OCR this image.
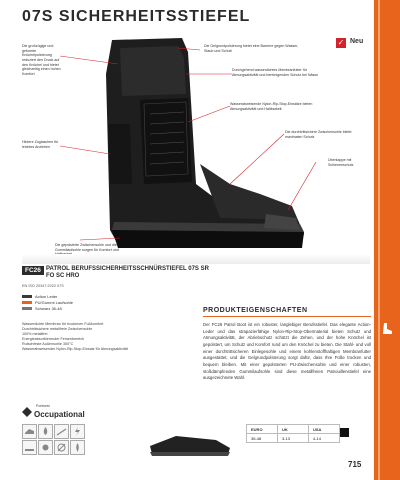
07S SICHERHEITSSTIEFEL
✓ Neu
Die großzügige und geformte Knöchelpolsterung reduziert den Druck auf den Knöchel und bietet gleichzeitig einen hohen Komfort
Die Gelgrundpolsterung bietet eine Barriere gegen Wasser, Staub und Schutt
Durchgehend wasserdichtes Membranfutter für Atmungsaktivität und bereinigenden Schutz bei Nässe
Wasserabweisende Nylon-Rip-Stop-Einsätze bieten Atmungsaktivität und Haltbarkeit
Die durchtrittsichere Zwischensohle bietet maximalen Schutz
Überkappe mit Schienenschutz
Hintere Zuglaschen für leichtes Anziehen
Die gepolsterte Zwischensohle und die Gummilaufsohle sorgen für Komfort und
FC26 PATROL BERUFSSICHERHEITSSCHNÜRSTIEFEL 07S SR FO SC HRO
EN ISO 20347:2022 07S
Action Leder
PU/Gummi Laufsohle
Schwarz 36-48
Wasserdichte Membran für trockenen Fußkomfort
Durchtrittsichere metallfreie Zwischensohle
100% metallfrei
Energieabsorbierender Fersenbereich
Rutschfeste Außensohle 300°C
Wasserabweisender Nylon-Rip-Stop-Einsatz für Atmungsaktivität
Portwest
Occupational
PRODUKTEIGENSCHAFTEN
Der FC26 Patrol Boot ist ein robuster, langlebiger Berufsstiefel. Das elegante Action-Leder und das strapazierfähige Nylon-Rip-Stop-Obermaterial bieten Schutz und Atmungsaktivität, der Abriebschutz schützt die Zehen, und der hohe Knöchel ist gepolstert, um Schutz und Komfort rund um den Knöchel zu bieten. Die Stahl- und voll einer durchtrittsicheren Einlegesohle und einem kohlenstoffhaltigen Membranfutter ausgestattet, und die Gelgrundpolsterung sorgt dafür, dass Ihre Füße trocken und bequem bleiben. Mit einer gepolsterten PU-Zwischensohle und einer robusten, stoßdämpfenden Gummilaufsohle sind diese metallfreien Patrouillenstiefel eine ausgezeichnete Wahl.
EURO	UK	USA
36-48	3-13	4-14
715
